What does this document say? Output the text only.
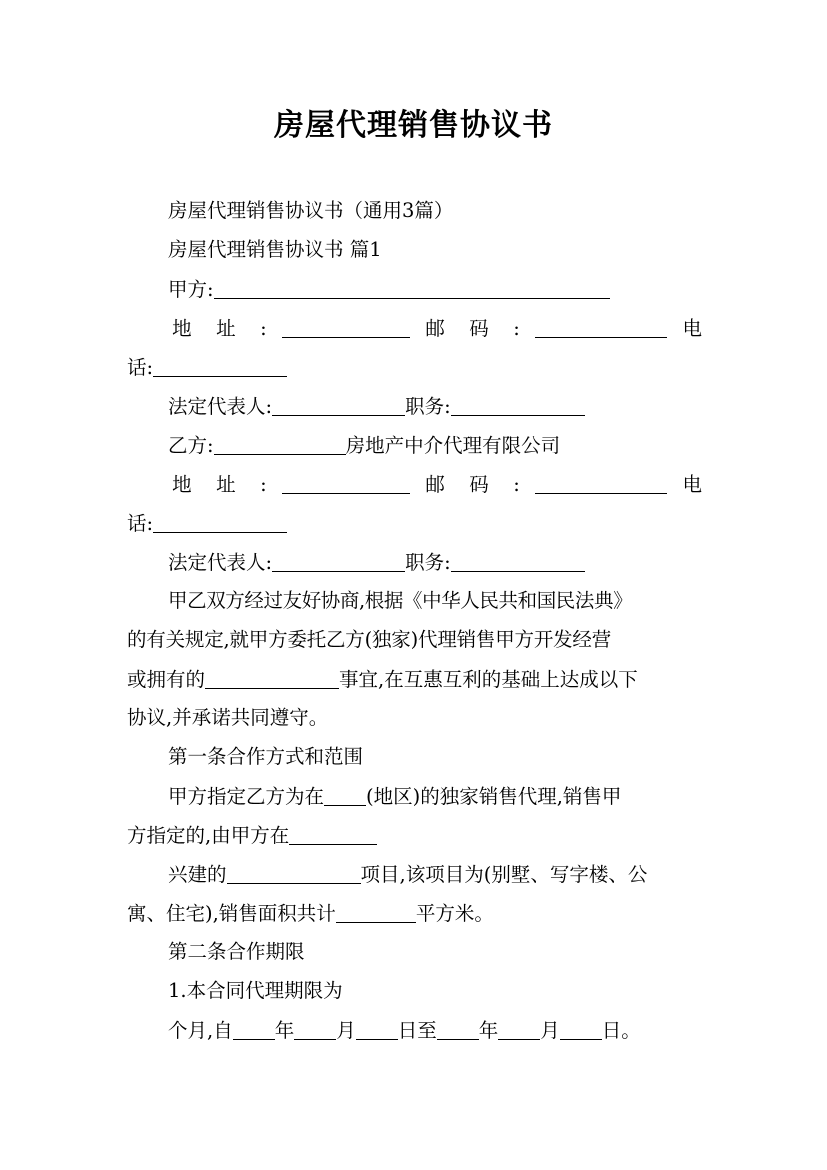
房屋代理销售协议书
房屋代理销售协议书（通用3篇）
房屋代理销售协议书 篇1
甲方:
地 址 :	邮 码 :	电
话:
法定代表人:	职务:
乙方:	房地产中介代理有限公司
地 址 :	邮 码 :	电
话:
法定代表人:	职务:
甲乙双方经过友好协商,根据《中华人民共和国民法典》
的有关规定,就甲方委托乙方(独家)代理销售甲方开发经营
或拥有的	事宜,在互惠互利的基础上达成以下
协议,并承诺共同遵守。
第一条合作方式和范围
甲方指定乙方为在 (地区)的独家销售代理,销售甲
方指定的,由甲方在
兴建的	项目,该项目为(别墅、写字楼、公
寓、住宅),销售面积共计	平方米。
第二条合作期限
1.本合同代理期限为
个月,自 年 月 日至 年 月 日。
